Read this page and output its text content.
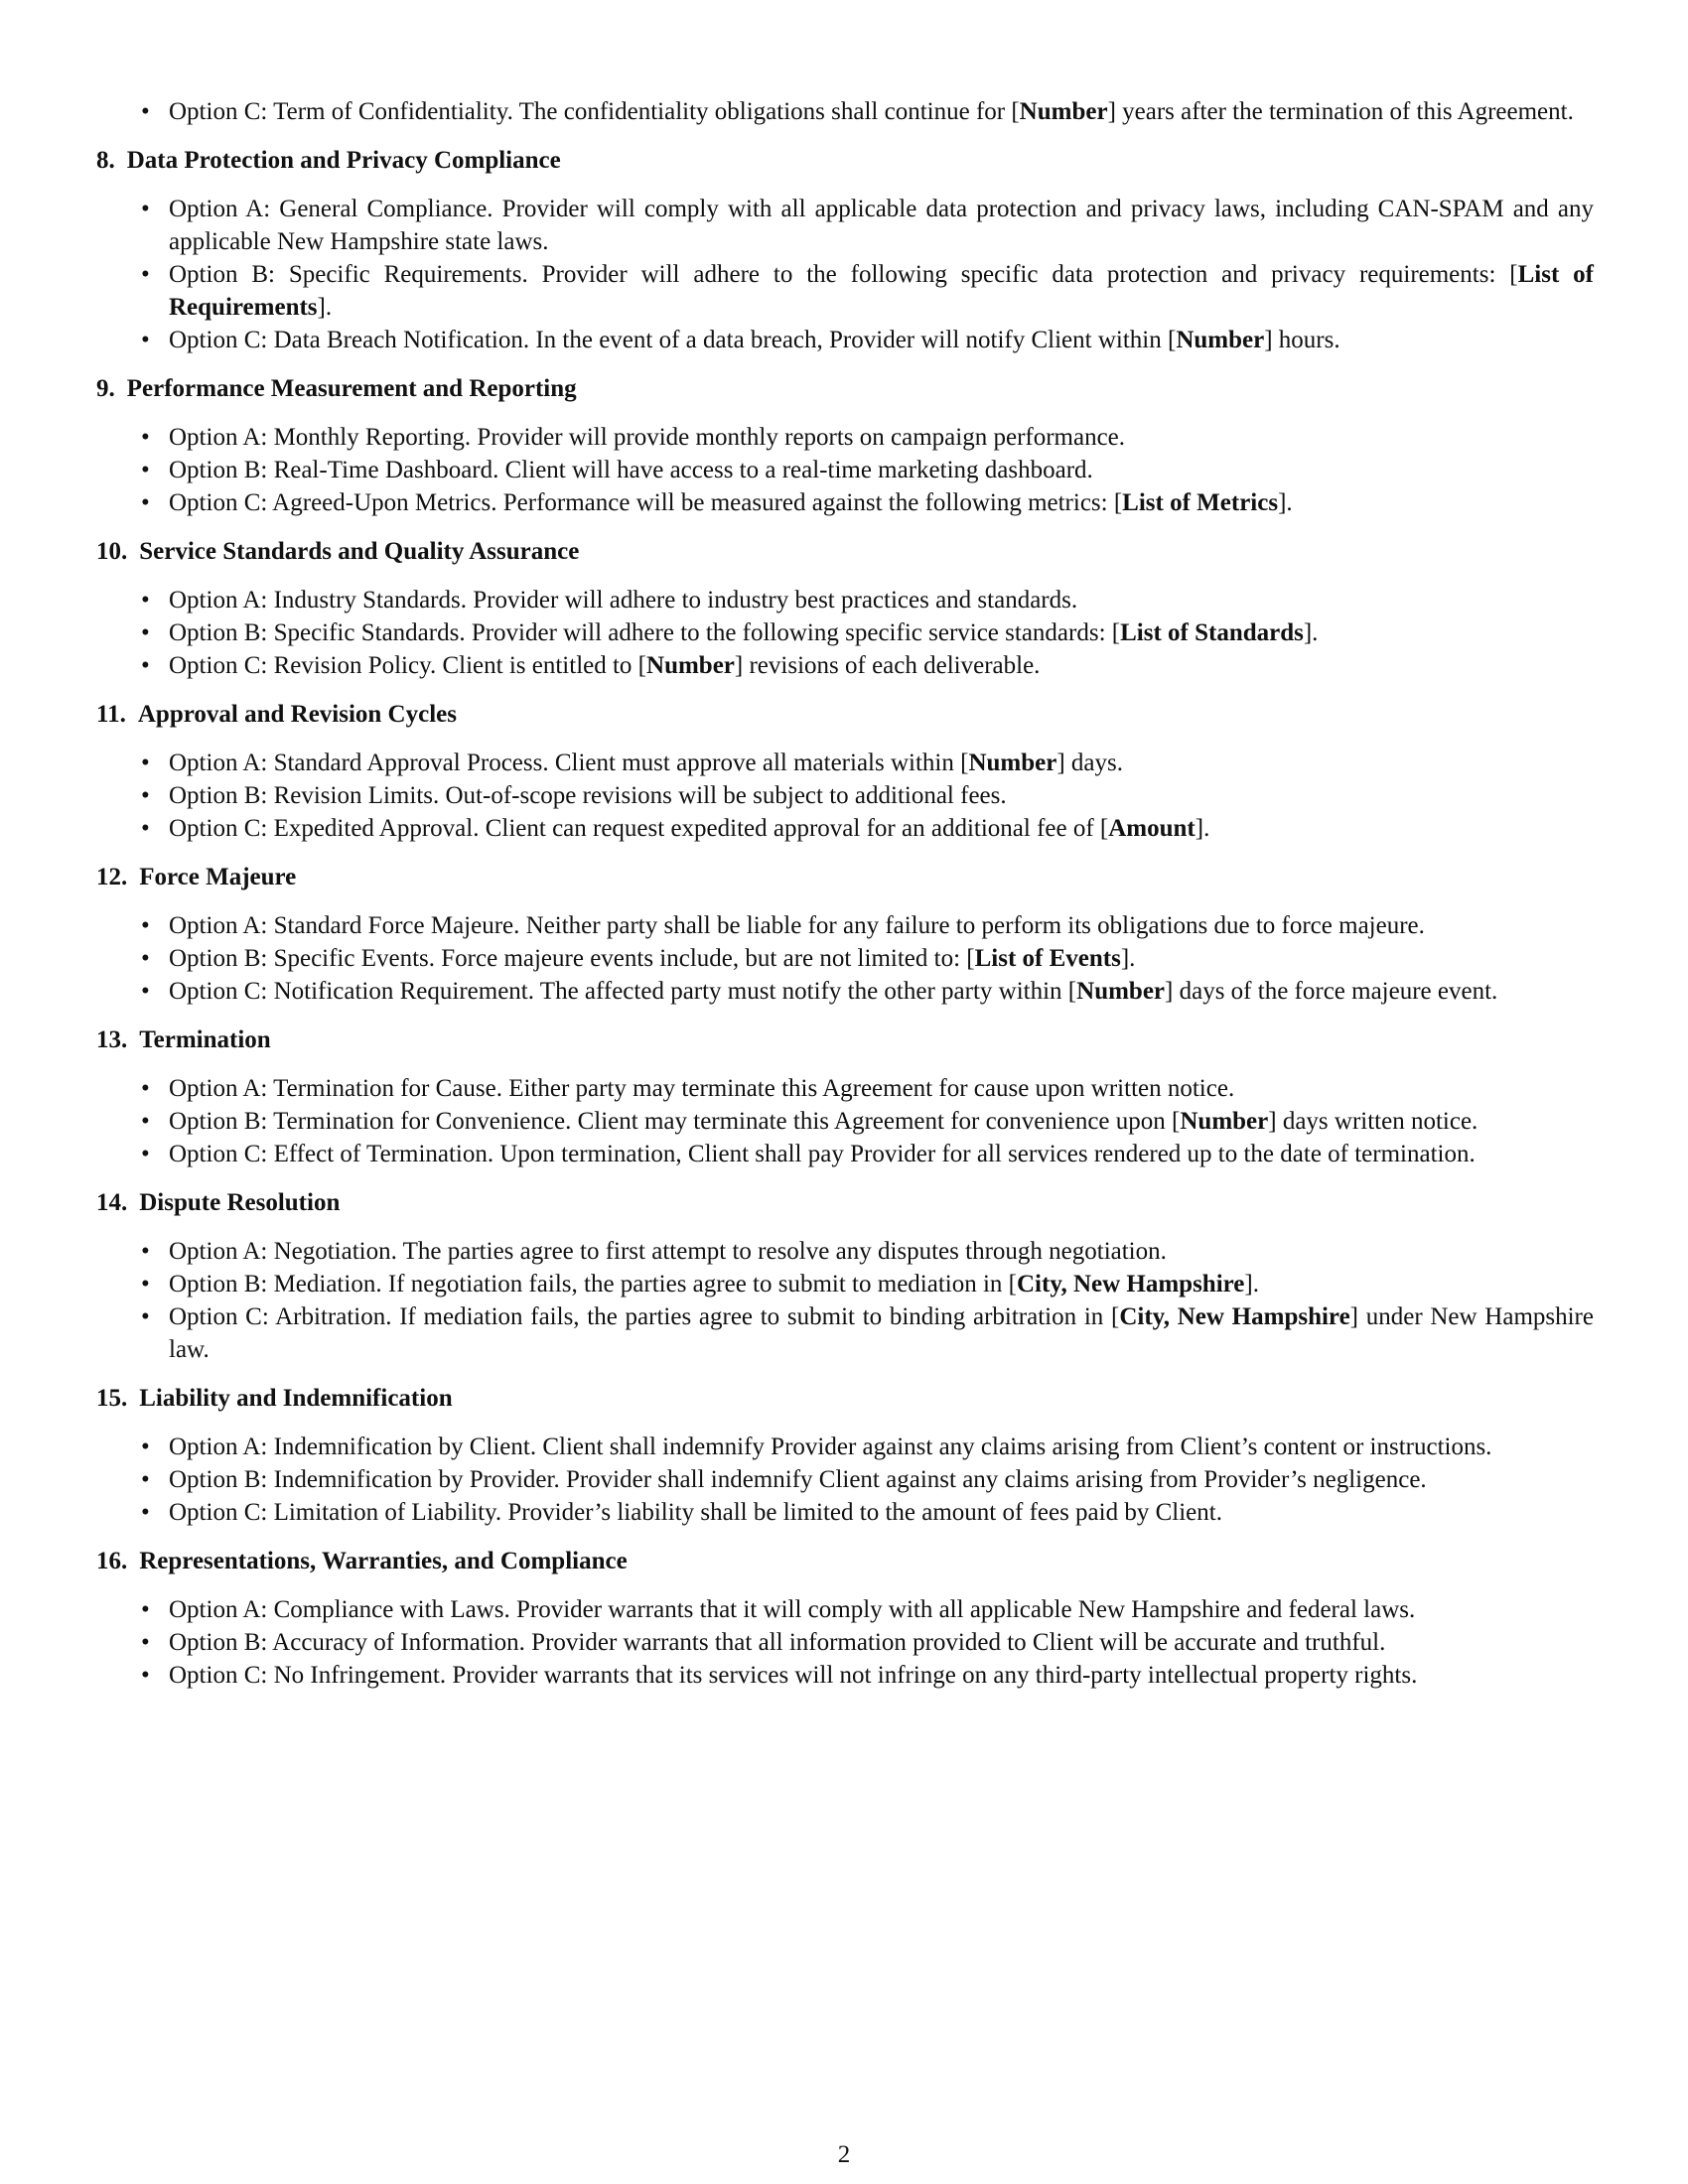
• Option C: Term of Confidentiality. The confidentiality obligations shall continue for [Number] years after the termination of this Agreement.
8. Data Protection and Privacy Compliance
• Option A: General Compliance. Provider will comply with all applicable data protection and privacy laws, including CAN-SPAM and any applicable New Hampshire state laws.
• Option B: Specific Requirements. Provider will adhere to the following specific data protection and privacy requirements: [List of Requirements].
• Option C: Data Breach Notification. In the event of a data breach, Provider will notify Client within [Number] hours.
9. Performance Measurement and Reporting
• Option A: Monthly Reporting. Provider will provide monthly reports on campaign performance.
• Option B: Real-Time Dashboard. Client will have access to a real-time marketing dashboard.
• Option C: Agreed-Upon Metrics. Performance will be measured against the following metrics: [List of Metrics].
10. Service Standards and Quality Assurance
• Option A: Industry Standards. Provider will adhere to industry best practices and standards.
• Option B: Specific Standards. Provider will adhere to the following specific service standards: [List of Standards].
• Option C: Revision Policy. Client is entitled to [Number] revisions of each deliverable.
11. Approval and Revision Cycles
• Option A: Standard Approval Process. Client must approve all materials within [Number] days.
• Option B: Revision Limits. Out-of-scope revisions will be subject to additional fees.
• Option C: Expedited Approval. Client can request expedited approval for an additional fee of [Amount].
12. Force Majeure
• Option A: Standard Force Majeure. Neither party shall be liable for any failure to perform its obligations due to force majeure.
• Option B: Specific Events. Force majeure events include, but are not limited to: [List of Events].
• Option C: Notification Requirement. The affected party must notify the other party within [Number] days of the force majeure event.
13. Termination
• Option A: Termination for Cause. Either party may terminate this Agreement for cause upon written notice.
• Option B: Termination for Convenience. Client may terminate this Agreement for convenience upon [Number] days written notice.
• Option C: Effect of Termination. Upon termination, Client shall pay Provider for all services rendered up to the date of termination.
14. Dispute Resolution
• Option A: Negotiation. The parties agree to first attempt to resolve any disputes through negotiation.
• Option B: Mediation. If negotiation fails, the parties agree to submit to mediation in [City, New Hampshire].
• Option C: Arbitration. If mediation fails, the parties agree to submit to binding arbitration in [City, New Hampshire] under New Hampshire law.
15. Liability and Indemnification
• Option A: Indemnification by Client. Client shall indemnify Provider against any claims arising from Client’s content or instructions.
• Option B: Indemnification by Provider. Provider shall indemnify Client against any claims arising from Provider’s negligence.
• Option C: Limitation of Liability. Provider’s liability shall be limited to the amount of fees paid by Client.
16. Representations, Warranties, and Compliance
• Option A: Compliance with Laws. Provider warrants that it will comply with all applicable New Hampshire and federal laws.
• Option B: Accuracy of Information. Provider warrants that all information provided to Client will be accurate and truthful.
• Option C: No Infringement. Provider warrants that its services will not infringe on any third-party intellectual property rights.
2
